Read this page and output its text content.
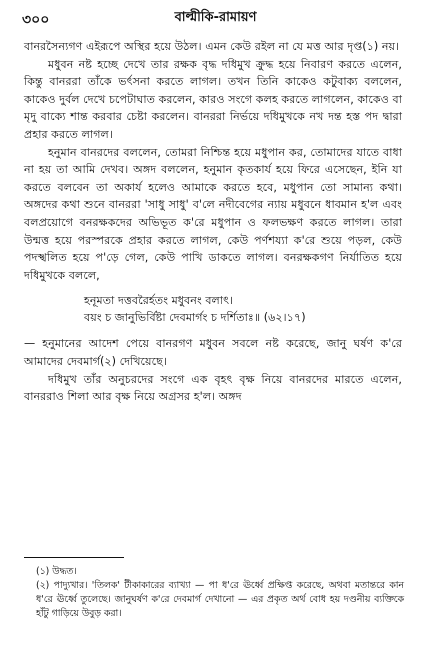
৩০০	বাল্মীকি-রামায়ণ

বানরসৈন্যগণ এইরূপে অস্থির হয়ে উঠল। এমন কেউ রইল না যে মত্ত আর দৃপ্ত(১) নয়।

মধুবন নষ্ট হচ্ছে দেখে তার রক্ষক বৃদ্ধ দধিমুখ ক্রুদ্ধ হয়ে নিবারণ করতে এলেন, কিন্তু বানররা তাঁকে ভর্ৎসনা করতে লাগল। তখন তিনি কাকেও কটুবাক্য বললেন, কাকেও দুর্বল দেখে চপেটাঘাত করলেন, কারও সংগে কলহ করতে লাগলেন, কাকেও বা মৃদু বাক্যে শান্ত করবার চেষ্টা করলেন। বানররা নির্ভয়ে দধিমুখকে নখ দন্ত হস্ত পদ দ্বারা প্রহার করতে লাগল।

হনুমান বানরদের বললেন, তোমরা নিশ্চিন্ত হয়ে মধুপান কর, তোমাদের যাতে বাধা না হয় তা আমি দেখব। অঙ্গদ বললেন, হনুমান কৃতকার্য হয়ে ফিরে এসেছেন, ইনি যা করতে বলবেন তা অকার্য হলেও আমাকে করতে হবে, মধুপান তো সামান্য কথা। অঙ্গদের কথা শুনে বানররা 'সাধু সাধু' ব'লে নদীবেগের ন্যায় মধুবনে ধাবমান হ'ল এবং বলপ্রয়োগে বনরক্ষকদের অভিভূত ক'রে মধুপান ও ফলভক্ষণ করতে লাগল। তারা উন্মত্ত হয়ে পরস্পরকে প্রহার করতে লাগল, কেউ পর্ণশয্যা ক'রে শুয়ে পড়ল, কেউ পদস্খলিত হয়ে প'ড়ে গেল, কেউ পাখি ডাকতে লাগল। বনরক্ষকগণ নির্যাতিত হয়ে দধিমুখকে বললে,

হনূমতা দত্তবরৈর্হতং মধুবনং বলাৎ।
বয়ং চ জানুভির্বিষ্টা দেবমার্গং চ দর্শিতাঃ॥ (৬২।১৭)

— হনুমানের আদেশ পেয়ে বানরগণ মধুবন সবলে নষ্ট করেছে, জানু ঘর্ষণ ক'রে আমাদের দেবমার্গ(২) দেখিয়েছে।

দধিমুখ তাঁর অনুচরদের সংগে এক বৃহৎ বৃক্ষ নিয়ে বানরদের মারতে এলেন, বানররাও শিলা আর বৃক্ষ নিয়ে অগ্রসর হ'ল। অঙ্গদ

(১) উদ্ধত।

(২) পাদ্যুখার। 'তিলক' টীকাকারের ব্যাখ্যা — পা ধ'রে ঊর্ধ্বে প্রক্ষিপ্ত করেছে, অথবা মতান্তরে কান ধ'রে ঊর্ধ্বে তুলেছে। জানুঘর্ষণ ক'রে দেবমার্গ দেখানো — এর প্রকৃত অর্থ বোধ হয় দণ্ডনীয় ব্যক্তিকে হাঁটু গাড়িয়ে উবুড় করা।
